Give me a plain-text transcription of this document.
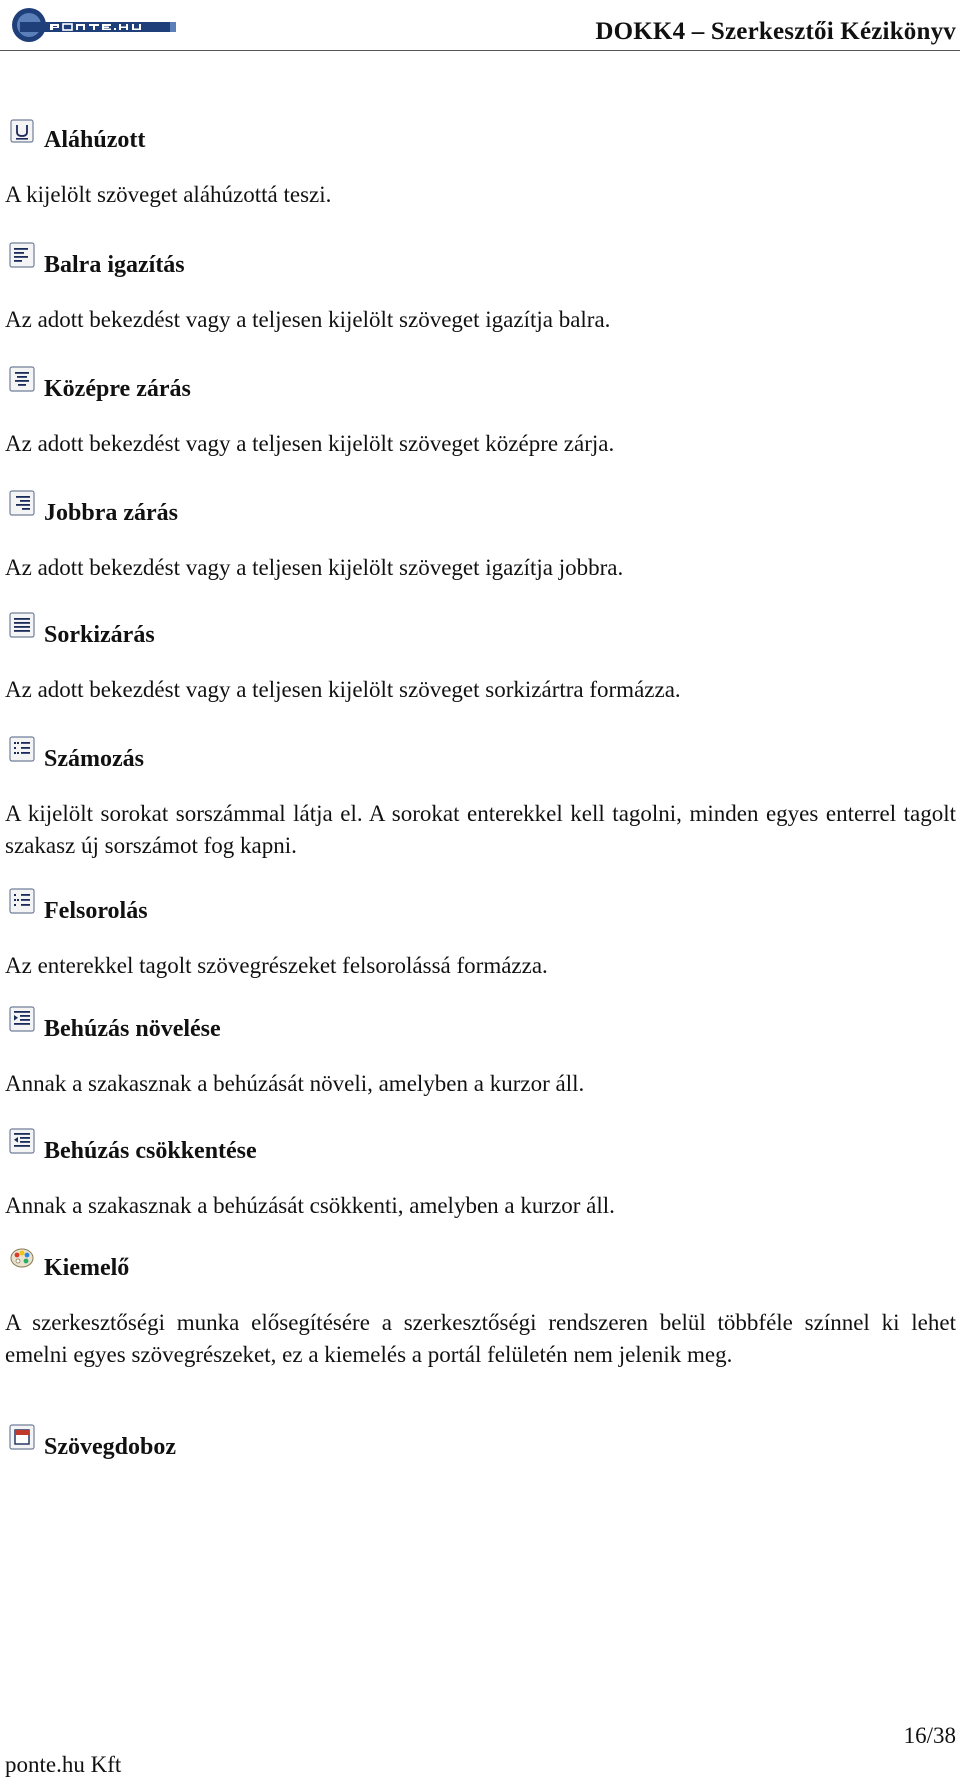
DOKK4 – Szerkesztői Kézikönyv
Aláhúzott

A kijelölt szöveget aláhúzottá teszi.

Balra igazítás

Az adott bekezdést vagy a teljesen kijelölt szöveget igazítja balra.

Középre zárás

Az adott bekezdést vagy a teljesen kijelölt szöveget középre zárja.

Jobbra zárás

Az adott bekezdést vagy a teljesen kijelölt szöveget igazítja jobbra.

Sorkizárás

Az adott bekezdést vagy a teljesen kijelölt szöveget sorkizártra formázza.

Számozás

A kijelölt sorokat sorszámmal látja el. A sorokat enterekkel kell tagolni, minden egyes enterrel tagolt szakasz új sorszámot fog kapni.

Felsorolás

Az enterekkel tagolt szövegrészeket felsorolássá formázza.

Behúzás növelése

Annak a szakasznak a behúzását növeli, amelyben a kurzor áll.

Behúzás csökkentése

Annak a szakasznak a behúzását csökkenti, amelyben a kurzor áll.

Kiemelő

A szerkesztőségi munka elősegítésére a szerkesztőségi rendszeren belül többféle színnel ki lehet emelni egyes szövegrészeket, ez a kiemelés a portál felületén nem jelenik meg.

Szövegdoboz
16/38
ponte.hu Kft
